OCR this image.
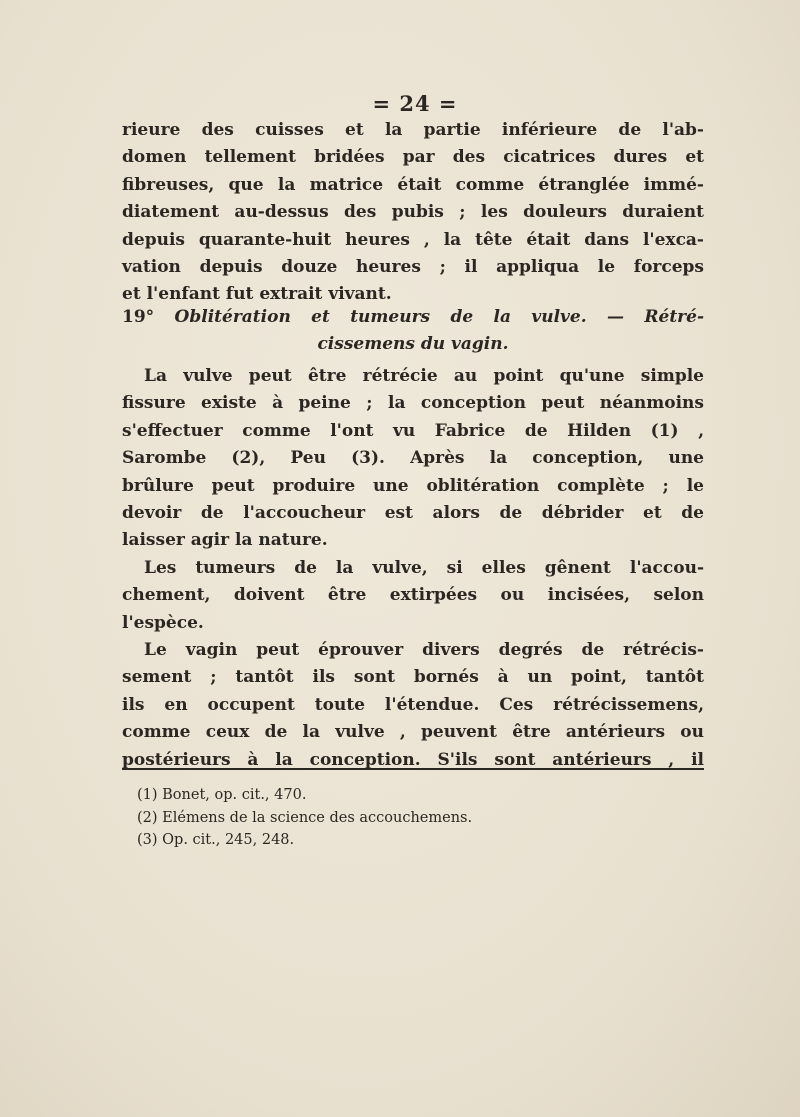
= 24 =
rieure des cuisses et la partie inférieure de l'ab-
domen tellement bridées par des cicatrices dures et
fibreuses, que la matrice était comme étranglée immé-
diatement au-dessus des pubis ; les douleurs duraient
depuis quarante-huit heures , la tête était dans l'exca-
vation depuis douze heures ; il appliqua le forceps
et l'enfant fut extrait vivant.
19° Oblitération et tumeurs de la vulve. — Rétré-
cissemens du vagin.
La vulve peut être rétrécie au point qu'une simple
fissure existe à peine ; la conception peut néanmoins
s'effectuer comme l'ont vu Fabrice de Hilden (1) ,
Sarombe (2), Peu (3). Après la conception, une
brûlure peut produire une oblitération complète ; le
devoir de l'accoucheur est alors de débrider et de
laisser agir la nature.
Les tumeurs de la vulve, si elles gênent l'accou-
chement, doivent être extirpées ou incisées, selon
l'espèce.
Le vagin peut éprouver divers degrés de rétrécis-
sement ; tantôt ils sont bornés à un point, tantôt
ils en occupent toute l'étendue. Ces rétrécissemens,
comme ceux de la vulve , peuvent être antérieurs ou
postérieurs à la conception. S'ils sont antérieurs , il
(1) Bonet, op. cit., 470.
(2) Elémens de la science des accouchemens.
(3) Op. cit., 245, 248.
